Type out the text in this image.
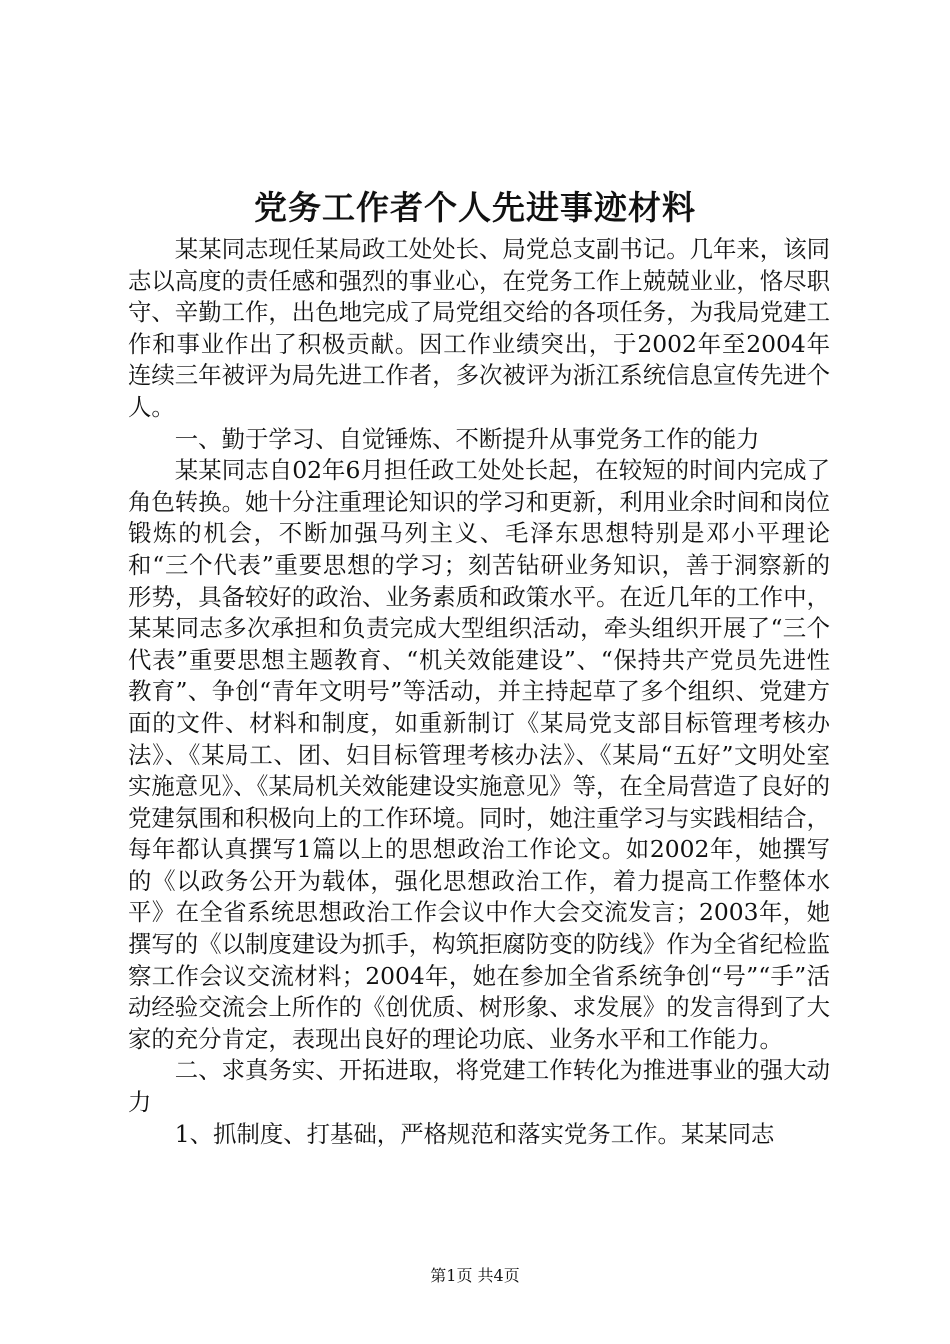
党务工作者个人先进事迹材料

某某同志现任某局政工处处长、局党总支副书记。几年来，该同志以高度的责任感和强烈的事业心，在党务工作上兢兢业业，恪尽职守、辛勤工作，出色地完成了局党组交给的各项任务，为我局党建工作和事业作出了积极贡献。因工作业绩突出，于2002年至2004年连续三年被评为局先进工作者，多次被评为浙江系统信息宣传先进个人。

一、勤于学习、自觉锤炼、不断提升从事党务工作的能力

某某同志自02年6月担任政工处处长起，在较短的时间内完成了角色转换。她十分注重理论知识的学习和更新，利用业余时间和岗位锻炼的机会，不断加强马列主义、毛泽东思想特别是邓小平理论和“三个代表”重要思想的学习；刻苦钻研业务知识，善于洞察新的形势，具备较好的政治、业务素质和政策水平。在近几年的工作中，某某同志多次承担和负责完成大型组织活动，牵头组织开展了“三个代表”重要思想主题教育、“机关效能建设”、“保持共产党员先进性教育”、争创“青年文明号”等活动，并主持起草了多个组织、党建方面的文件、材料和制度，如重新制订《某局党支部目标管理考核办法》、《某局工、团、妇目标管理考核办法》、《某局“五好”文明处室实施意见》、《某局机关效能建设实施意见》等，在全局营造了良好的党建氛围和积极向上的工作环境。同时，她注重学习与实践相结合，每年都认真撰写1篇以上的思想政治工作论文。如2002年，她撰写的《以政务公开为载体，强化思想政治工作，着力提高工作整体水平》在全省系统思想政治工作会议中作大会交流发言；2003年，她撰写的《以制度建设为抓手，构筑拒腐防变的防线》作为全省纪检监察工作会议交流材料；2004年，她在参加全省系统争创“号”“手”活动经验交流会上所作的《创优质、树形象、求发展》的发言得到了大家的充分肯定，表现出良好的理论功底、业务水平和工作能力。

二、求真务实、开拓进取，将党建工作转化为推进事业的强大动力

1、抓制度、打基础，严格规范和落实党务工作。某某同志

第1页 共4页
